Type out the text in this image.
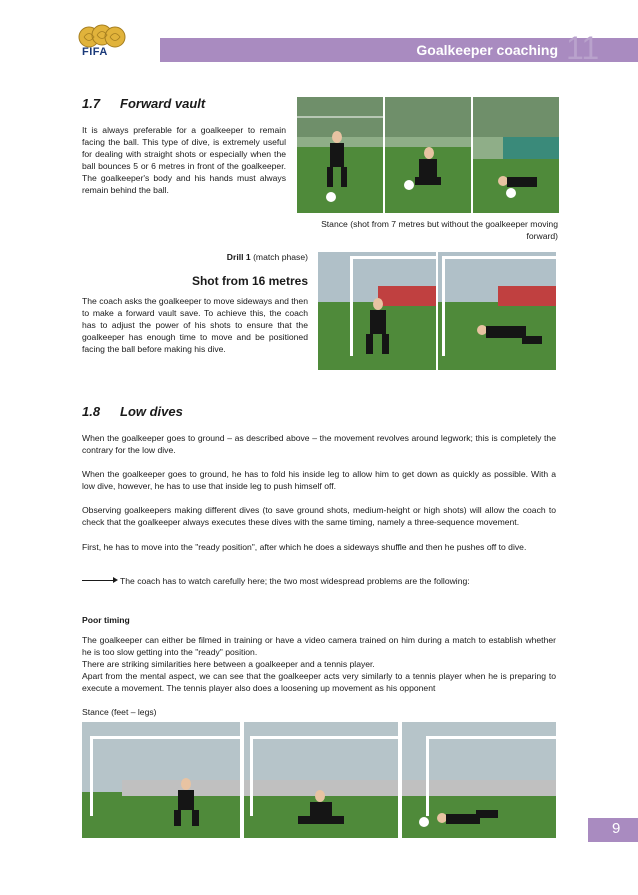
FIFA	Goalkeeper coaching 11
1.7 Forward vault
It is always preferable for a goalkeeper to remain facing the ball. This type of dive, is extremely useful for dealing with straight shots or especially when the ball bounces 5 or 6 metres in front of the goalkeeper. The goalkeeper's body and his hands must always remain behind the ball.
Stance (shot from 7 metres but without the goalkeeper moving forward)
Drill 1 (match phase)
Shot from 16 metres
The coach asks the goalkeeper to move sideways and then to make a forward vault save. To achieve this, the coach has to adjust the power of his shots to ensure that the goalkeeper has enough time to move and be positioned facing the ball before making his dive.
1.8 Low dives
When the goalkeeper goes to ground – as described above – the movement revolves around legwork; this is completely the contrary for the low dive.
When the goalkeeper goes to ground, he has to fold his inside leg to allow him to get down as quickly as possible. With a low dive, however, he has to use that inside leg to push himself off.
Observing goalkeepers making different dives (to save ground shots, medium-height or high shots) will allow the coach to check that the goalkeeper always executes these dives with the same timing, namely a three-sequence movement.
First, he has to move into the "ready position", after which he does a sideways shuffle and then he pushes off to dive.
The coach has to watch carefully here; the two most widespread problems are the following:
Poor timing
The goalkeeper can either be filmed in training or have a video camera trained on him during a match to establish whether he is too slow getting into the "ready" position.
There are striking similarities here between a goalkeeper and a tennis player.
Apart from the mental aspect, we can see that the goalkeeper acts very similarly to a tennis player when he is preparing to execute a movement. The tennis player also does a loosening up movement as his opponent
Stance (feet – legs)
9
